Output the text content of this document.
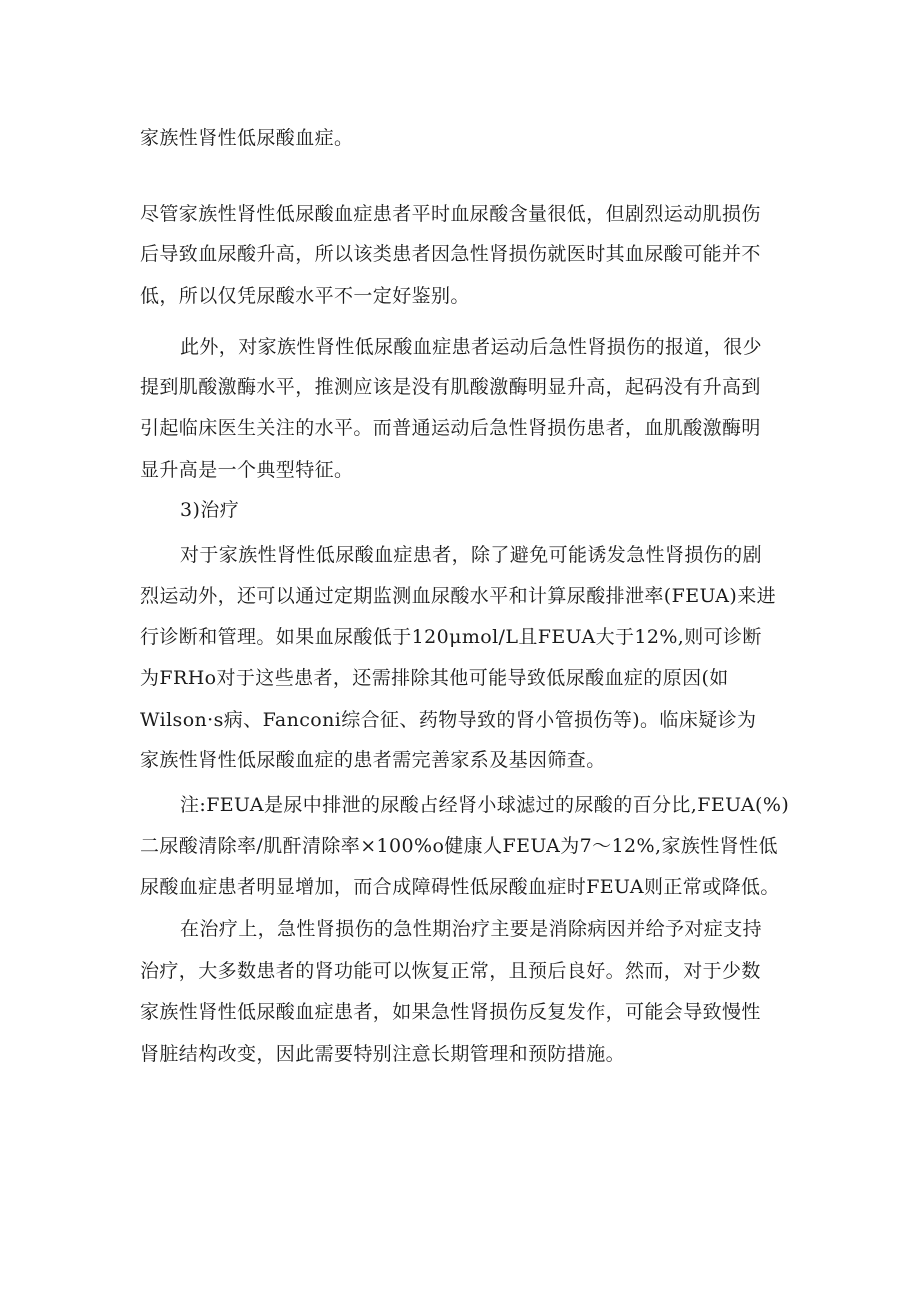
家族性肾性低尿酸血症。
尽管家族性肾性低尿酸血症患者平时血尿酸含量很低，但剧烈运动肌损伤
后导致血尿酸升高，所以该类患者因急性肾损伤就医时其血尿酸可能并不
低，所以仅凭尿酸水平不一定好鉴别。
此外，对家族性肾性低尿酸血症患者运动后急性肾损伤的报道，很少
提到肌酸激酶水平，推测应该是没有肌酸激酶明显升高，起码没有升高到
引起临床医生关注的水平。而普通运动后急性肾损伤患者，血肌酸激酶明
显升高是一个典型特征。
3)治疗
对于家族性肾性低尿酸血症患者，除了避免可能诱发急性肾损伤的剧
烈运动外，还可以通过定期监测血尿酸水平和计算尿酸排泄率(FEUA)来进
行诊断和管理。如果血尿酸低于120μmol/L且FEUA大于12%,则可诊断
为FRHo对于这些患者，还需排除其他可能导致低尿酸血症的原因(如
Wilson·s病、Fanconi综合征、药物导致的肾小管损伤等)。临床疑诊为
家族性肾性低尿酸血症的患者需完善家系及基因筛查。
注:FEUA是尿中排泄的尿酸占经肾小球滤过的尿酸的百分比,FEUA(%)
二尿酸清除率/肌酐清除率×100%o健康人FEUA为7～12%,家族性肾性低
尿酸血症患者明显增加，而合成障碍性低尿酸血症时FEUA则正常或降低。
在治疗上，急性肾损伤的急性期治疗主要是消除病因并给予对症支持
治疗，大多数患者的肾功能可以恢复正常，且预后良好。然而，对于少数
家族性肾性低尿酸血症患者，如果急性肾损伤反复发作，可能会导致慢性
肾脏结构改变，因此需要特别注意长期管理和预防措施。
